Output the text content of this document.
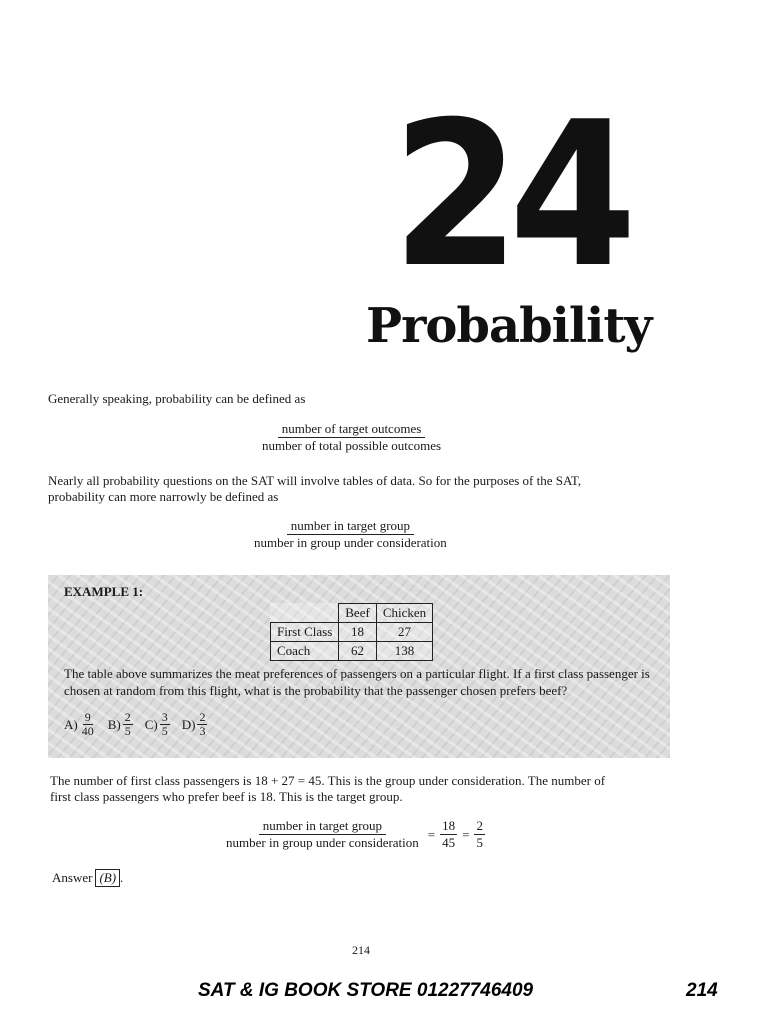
24
Probability
Generally speaking, probability can be defined as
number of target outcomes
number of total possible outcomes
Nearly all probability questions on the SAT will involve tables of data. So for the purposes of the SAT,
probability can more narrowly be defined as
number in target group
number in group under consideration
EXAMPLE 1:
	Beef	Chicken
First Class	18	27
Coach	62	138
The table above summarizes the meat preferences of passengers on a particular flight. If a first class passenger is chosen at random from this flight, what is the probability that the passenger chosen prefers beef?
$A) \frac{9}{40} B) \frac{2}{5} C) \frac{3}{5} D) \frac{2}{3}$
The number of first class passengers is 18 + 27 = 45. This is the group under consideration. The number of
first class passengers who prefer beef is 18. This is the target group.
$\frac{\text{number in target group}}{\text{number in group under consideration}} = \frac{18}{45} = \frac{2}{5}$
Answer (B) .
214
SAT & IG BOOK STORE 01227746409	214
